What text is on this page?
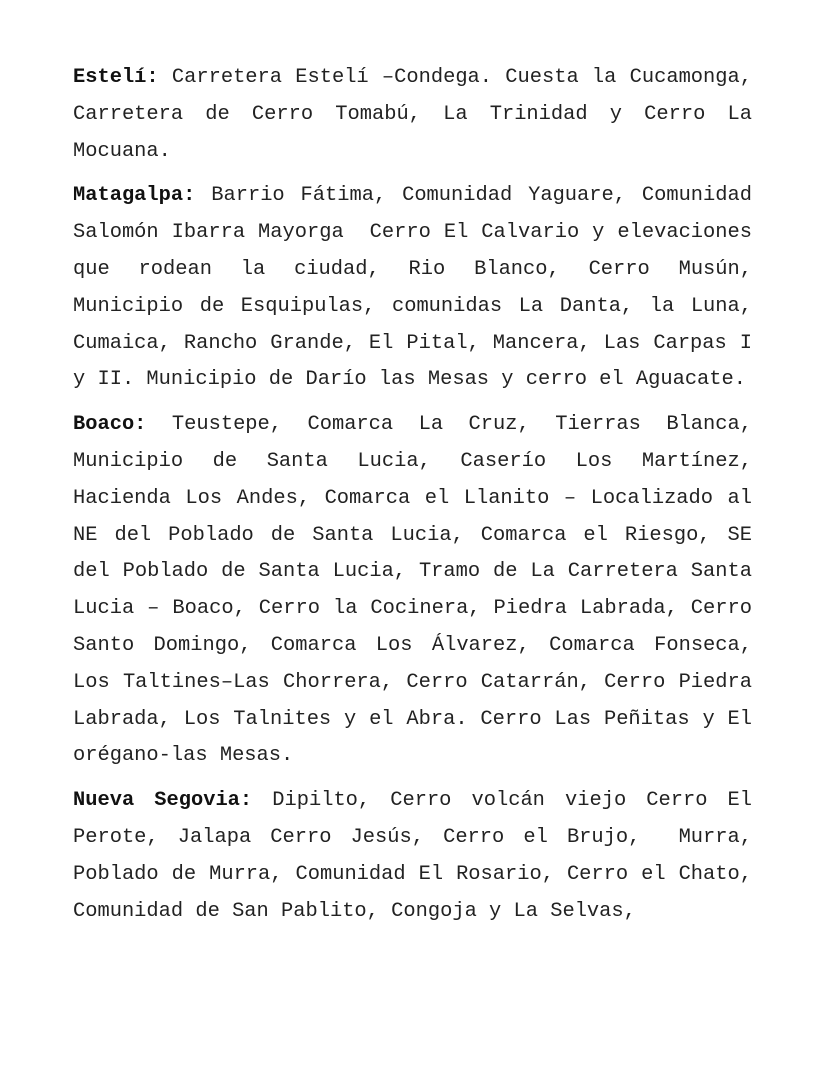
Estelí: Carretera Estelí –Condega. Cuesta la Cucamonga, Carretera de Cerro Tomabú, La Trinidad y Cerro La Mocuana.

Matagalpa: Barrio Fátima, Comunidad Yaguare, Comunidad Salomón Ibarra Mayorga  Cerro El Calvario y elevaciones que rodean la ciudad, Rio Blanco, Cerro Musún, Municipio de Esquipulas, comunidas La Danta, la Luna, Cumaica, Rancho Grande, El Pital, Mancera, Las Carpas I y II. Municipio de Darío las Mesas y cerro el Aguacate.

Boaco: Teustepe, Comarca La Cruz, Tierras Blanca, Municipio de Santa Lucia, Caserío Los Martínez, Hacienda Los Andes, Comarca el Llanito – Localizado al NE del Poblado de Santa Lucia, Comarca el Riesgo, SE del Poblado de Santa Lucia, Tramo de La Carretera Santa Lucia – Boaco, Cerro la Cocinera, Piedra Labrada, Cerro Santo Domingo, Comarca Los Álvarez, Comarca Fonseca, Los Taltines–Las Chorrera, Cerro Catarrán, Cerro Piedra Labrada, Los Talnites y el Abra. Cerro Las Peñitas y El orégano-las Mesas.

Nueva Segovia: Dipilto, Cerro volcán viejo Cerro El Perote, Jalapa Cerro Jesús, Cerro el Brujo,  Murra, Poblado de Murra, Comunidad El Rosario, Cerro el Chato, Comunidad de San Pablito, Congoja y La Selvas,
